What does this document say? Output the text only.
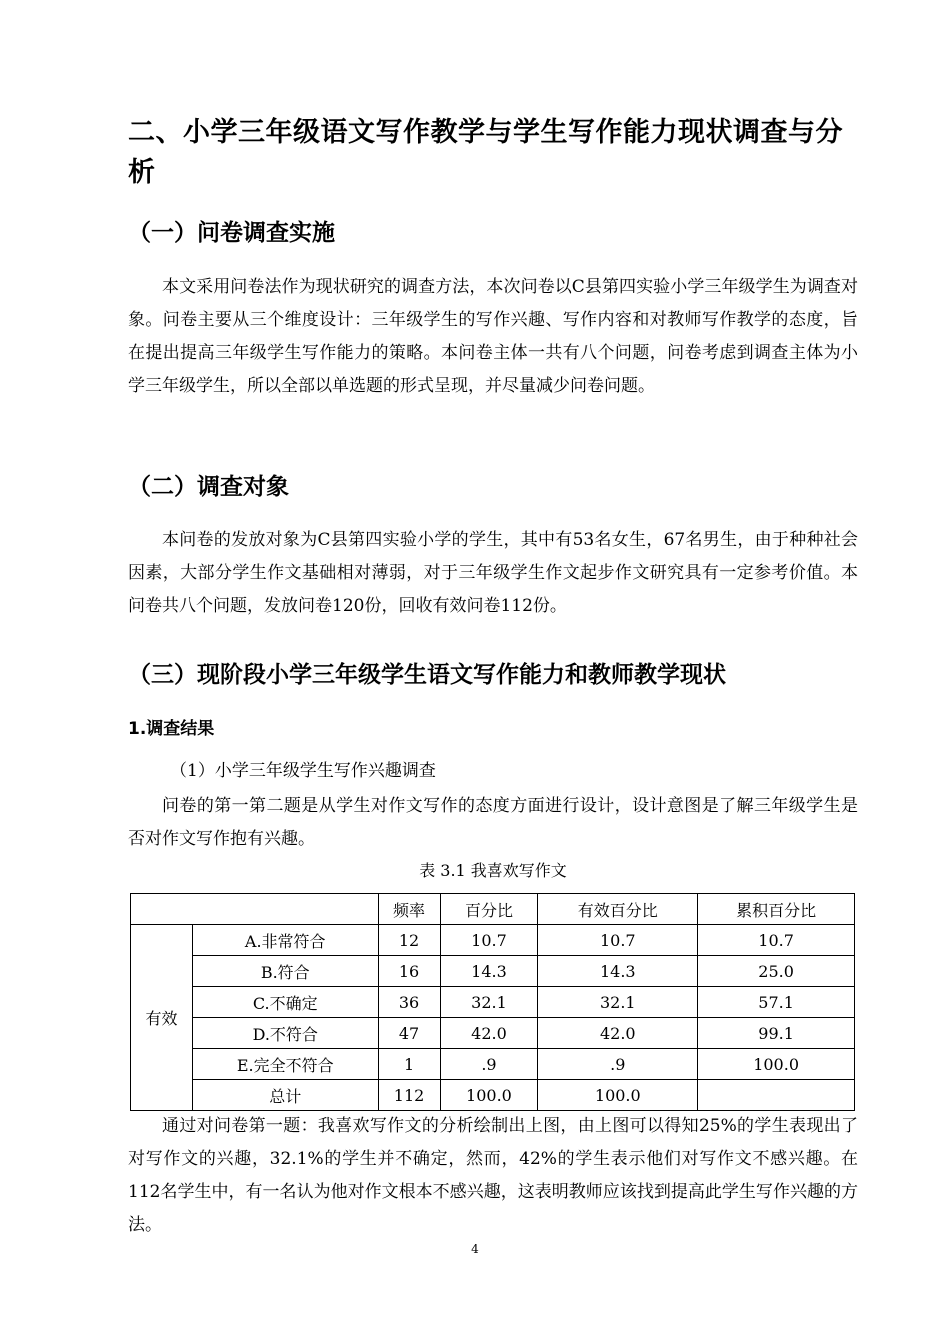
二、小学三年级语文写作教学与学生写作能力现状调查与分析
（一）问卷调查实施
本文采用问卷法作为现状研究的调查方法，本次问卷以C县第四实验小学三年级学生为调查对象。问卷主要从三个维度设计：三年级学生的写作兴趣、写作内容和对教师写作教学的态度，旨在提出提高三年级学生写作能力的策略。本问卷主体一共有八个问题，问卷考虑到调查主体为小学三年级学生，所以全部以单选题的形式呈现，并尽量减少问卷问题。
（二）调查对象
本问卷的发放对象为C县第四实验小学的学生，其中有53名女生，67名男生，由于种种社会因素，大部分学生作文基础相对薄弱，对于三年级学生作文起步作文研究具有一定参考价值。本问卷共八个问题，发放问卷120份，回收有效问卷112份。
（三）现阶段小学三年级学生语文写作能力和教师教学现状
1.调查结果
（1）小学三年级学生写作兴趣调查
问卷的第一第二题是从学生对作文写作的态度方面进行设计，设计意图是了解三年级学生是否对作文写作抱有兴趣。
表 3.1 我喜欢写作文
		频率	百分比	有效百分比	累积百分比
有效	A.非常符合	12	10.7	10.7	10.7
	B.符合	16	14.3	14.3	25.0
	C.不确定	36	32.1	32.1	57.1
	D.不符合	47	42.0	42.0	99.1
	E.完全不符合	1	.9	.9	100.0
	总计	112	100.0	100.0	
通过对问卷第一题：我喜欢写作文的分析绘制出上图，由上图可以得知25%的学生表现出了对写作文的兴趣，32.1%的学生并不确定，然而，42%的学生表示他们对写作文不感兴趣。在112名学生中，有一名认为他对作文根本不感兴趣，这表明教师应该找到提高此学生写作兴趣的方法。
4
